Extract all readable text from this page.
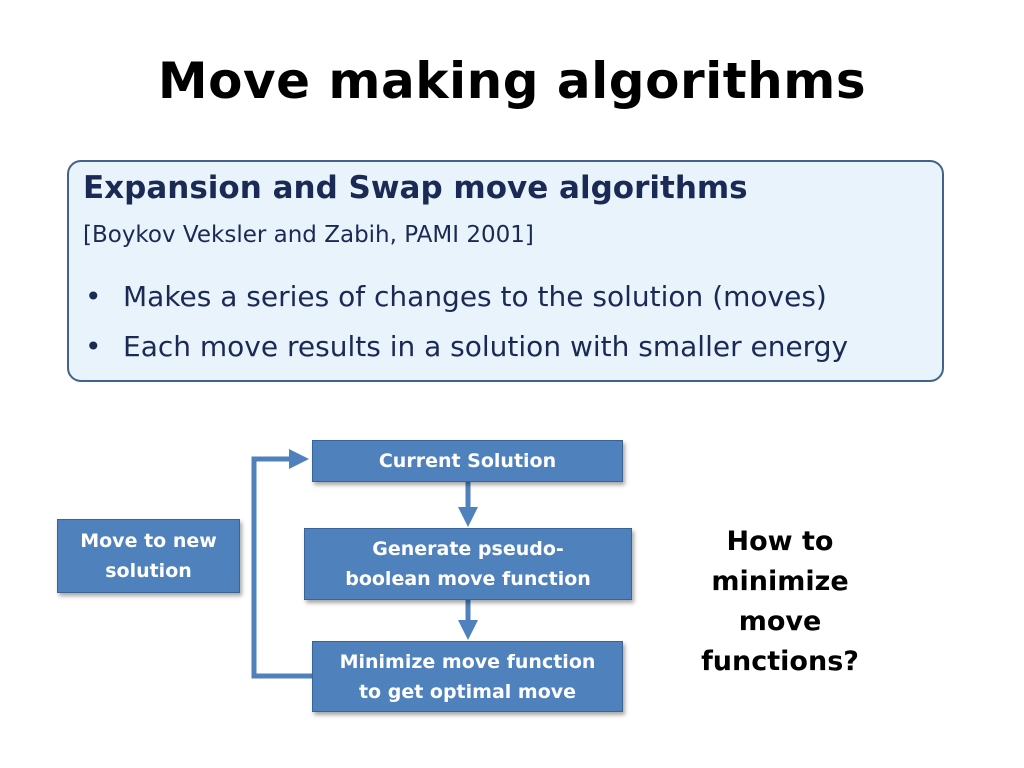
Move making algorithms
Expansion and Swap move algorithms
[Boykov Veksler and Zabih, PAMI 2001]
• Makes a series of changes to the solution (moves)
• Each move results in a solution with smaller energy
Current Solution
Generate pseudo-
boolean move function
Minimize move function
to get optimal move
Move to new
solution
How to
minimize move
functions?
